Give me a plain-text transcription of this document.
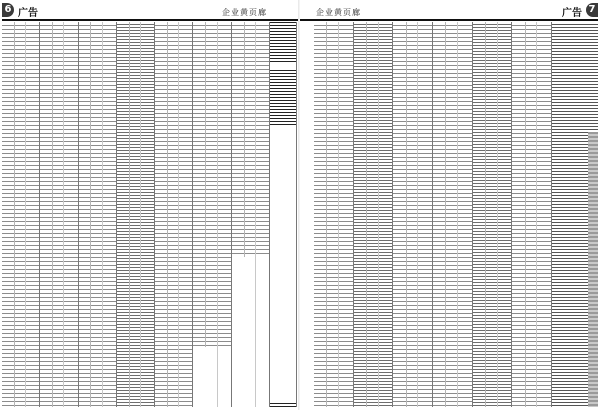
6 广告	企业黄页廊	7
广告
企业黄页廊
